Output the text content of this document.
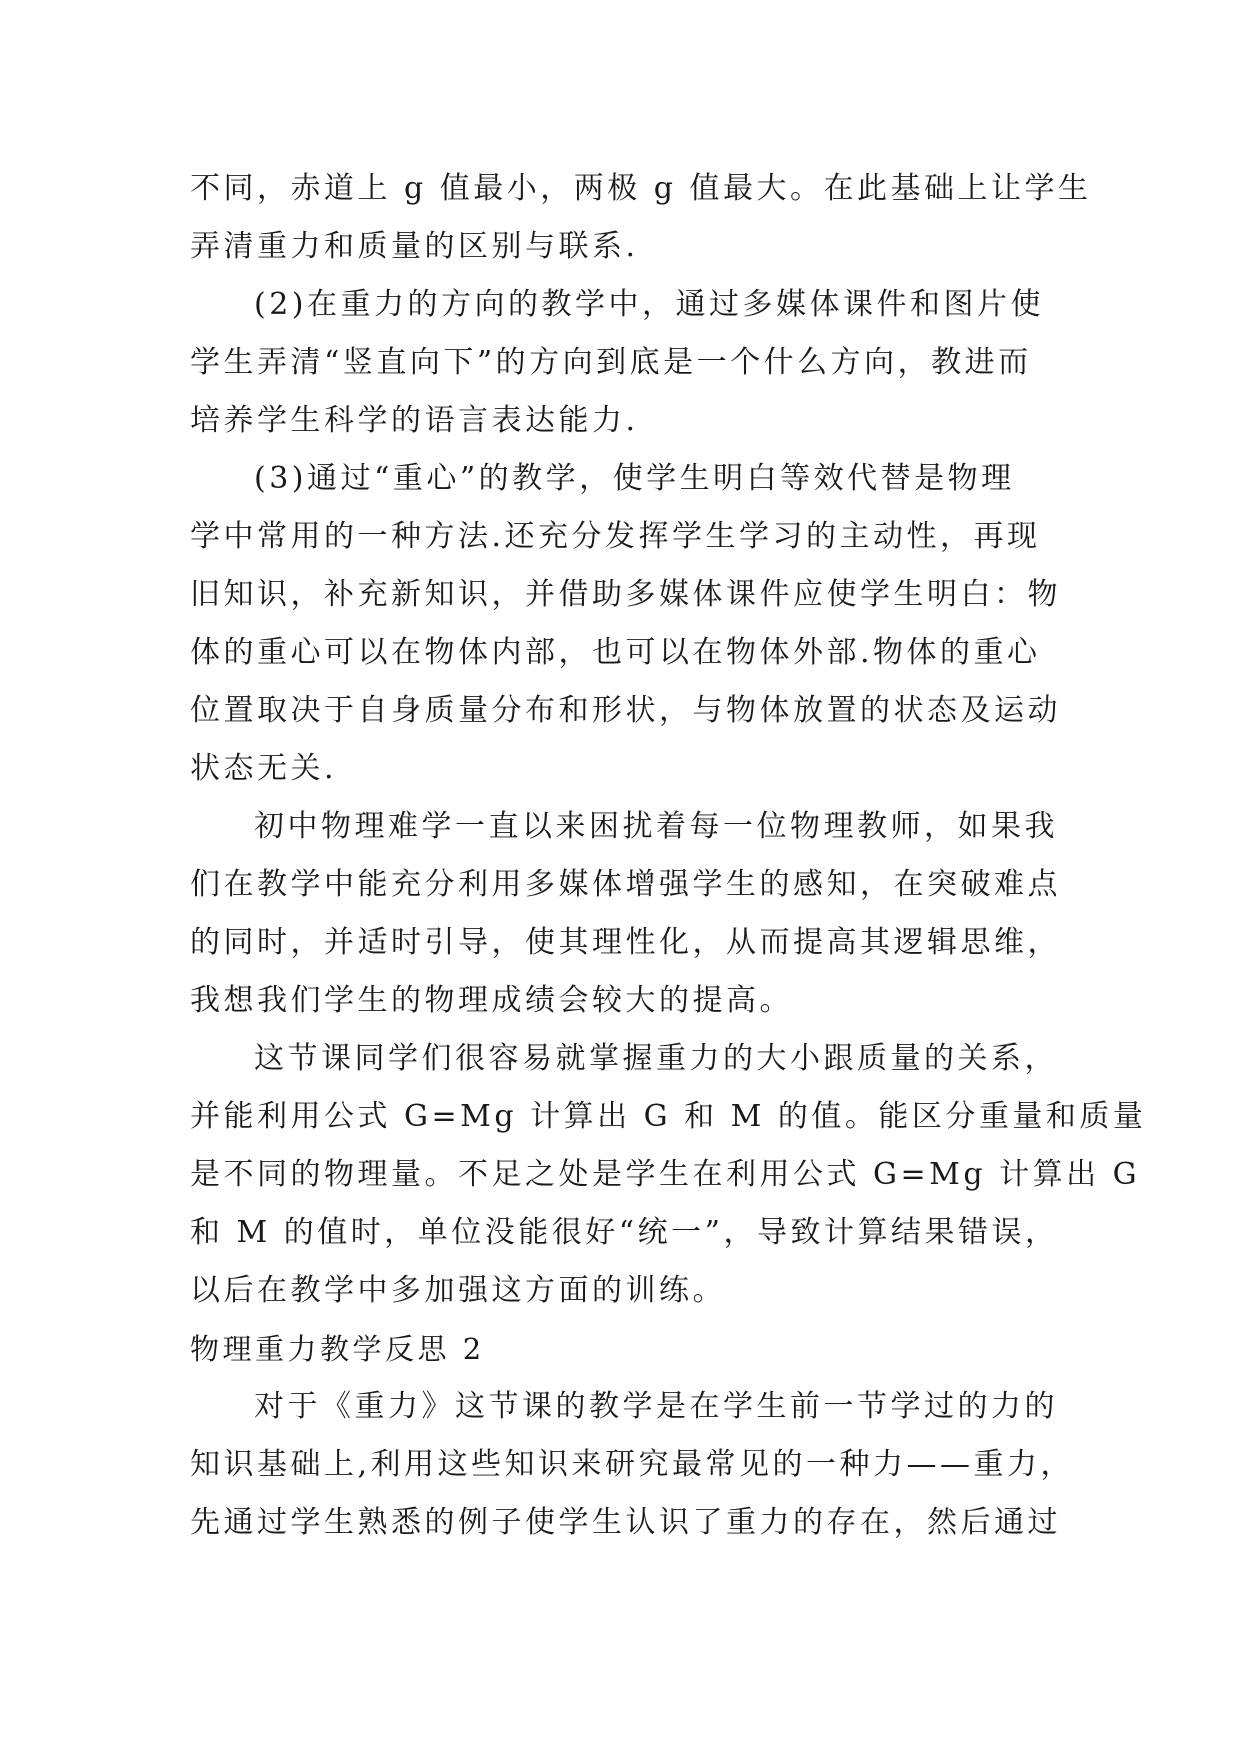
不同，赤道上 g 值最小，两极 g 值最大。在此基础上让学生
弄清重力和质量的区别与联系.
(2)在重力的方向的教学中，通过多媒体课件和图片使
学生弄清“竖直向下”的方向到底是一个什么方向，教进而
培养学生科学的语言表达能力.
(3)通过“重心”的教学，使学生明白等效代替是物理
学中常用的一种方法.还充分发挥学生学习的主动性，再现
旧知识，补充新知识，并借助多媒体课件应使学生明白：物
体的重心可以在物体内部，也可以在物体外部.物体的重心
位置取决于自身质量分布和形状，与物体放置的状态及运动
状态无关.
初中物理难学一直以来困扰着每一位物理教师，如果我
们在教学中能充分利用多媒体增强学生的感知，在突破难点
的同时，并适时引导，使其理性化，从而提高其逻辑思维，
我想我们学生的物理成绩会较大的提高。
这节课同学们很容易就掌握重力的大小跟质量的关系，
并能利用公式 G=Mg 计算出 G 和 M 的值。能区分重量和质量
是不同的物理量。不足之处是学生在利用公式 G=Mg 计算出 G
和 M 的值时，单位没能很好“统一”，导致计算结果错误，
以后在教学中多加强这方面的训练。
物理重力教学反思 2
对于《重力》这节课的教学是在学生前一节学过的力的
知识基础上,利用这些知识来研究最常见的一种力——重力，
先通过学生熟悉的例子使学生认识了重力的存在，然后通过
